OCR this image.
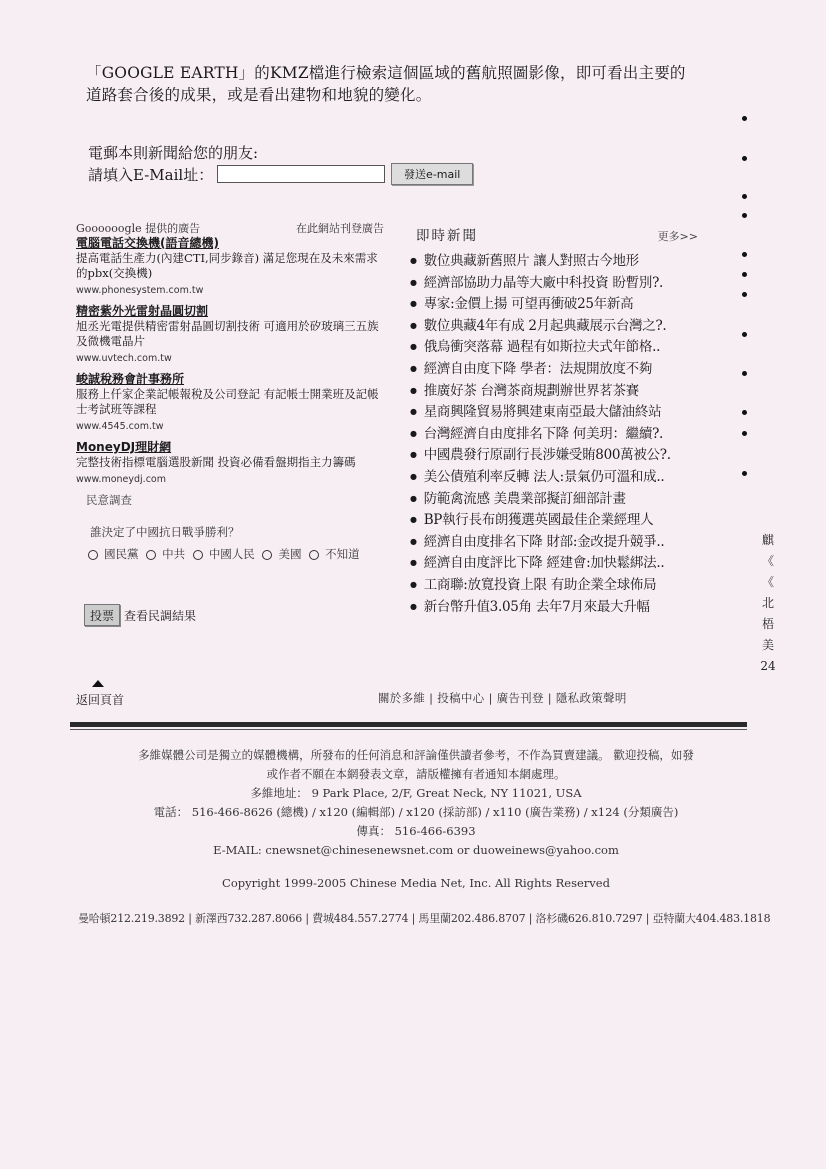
「GOOGLE EARTH」的KMZ檔進行檢索這個區域的舊航照圖影像，即可看出主要的
道路套合後的成果，或是看出建物和地貌的變化。
電郵本則新聞給您的朋友:
請填入E-Mail址：	發送e-mail
Goooooogle 提供的廣告	在此網站刊登廣告
電腦電話交換機(語音總機)
提高電話生產力(內建CTI,同步錄音) 滿足您現在及未來需求的pbx(交換機)
www.phonesystem.com.tw
精密紫外光雷射晶圓切割
旭丞光電提供精密雷射晶圓切割技術 可適用於矽玻璃三五族及微機電晶片
www.uvtech.com.tw
峻誠稅務會計事務所
服務上仟家企業記帳報稅及公司登記 有記帳士開業班及記帳士考試班等課程
www.4545.com.tw
MoneyDJ理財網
完整技術指標電腦選股新聞 投資必備看盤期指主力籌碼
www.moneydj.com
民意調查
誰決定了中國抗日戰爭勝利？
國民黨 中共 中國人民 美國 不知道
投票 查看民調結果
即時新聞	更多>>
● 數位典藏新舊照片 讓人對照古今地形
● 經濟部協助力晶等大廠中科投資 盼暫別?.
● 專家:金價上揚 可望再衝破25年新高
● 數位典藏4年有成 2月起典藏展示台灣之?.
● 俄烏衝突落幕 過程有如斯拉夫式年節格..
● 經濟自由度下降 學者：法規開放度不夠
● 推廣好茶 台灣茶商規劃辦世界茗茶賽
● 星商興隆貿易將興建東南亞最大儲油終站
● 台灣經濟自由度排名下降 何美玥：繼續?.
● 中國農發行原副行長涉嫌受賄800萬被公?.
● 美公債殖利率反轉 法人:景氣仍可溫和成..
● 防範禽流感 美農業部擬訂細部計畫
● BP執行長布朗獲選英國最佳企業經理人
● 經濟自由度排名下降 財部:金改提升競爭..
● 經濟自由度評比下降 經建會:加快鬆綁法..
● 工商聯:放寬投資上限 有助企業全球佈局
● 新台幣升值3.05角 去年7月來最大升幅
麒
《
《
北
梧
美
24
返回頁首	關於多維 | 投稿中心 | 廣告刊登 | 隱私政策聲明

多維媒體公司是獨立的媒體機構，所發布的任何消息和評論僅供讀者參考，不作為買賣建議。 歡迎投稿，如發

或作者不願在本網發表文章，請版權擁有者通知本網處理。

多維地址： 9 Park Place, 2/F, Great Neck, NY 11021, USA

電話： 516-466-8626 (總機) / x120 (編輯部) / x120 (採訪部) / x110 (廣告業務) / x124 (分類廣告)

傳真： 516-466-6393

E-MAIL: cnewsnet@chinesenewsnet.com or duoweinews@yahoo.com

Copyright 1999-2005 Chinese Media Net, Inc. All Rights Reserved

曼哈頓212.219.3892 | 新澤西732.287.8066 | 費城484.557.2774 | 馬里蘭202.486.8707 | 洛杉磯626.810.7297 | 亞特蘭大404.483.1818
